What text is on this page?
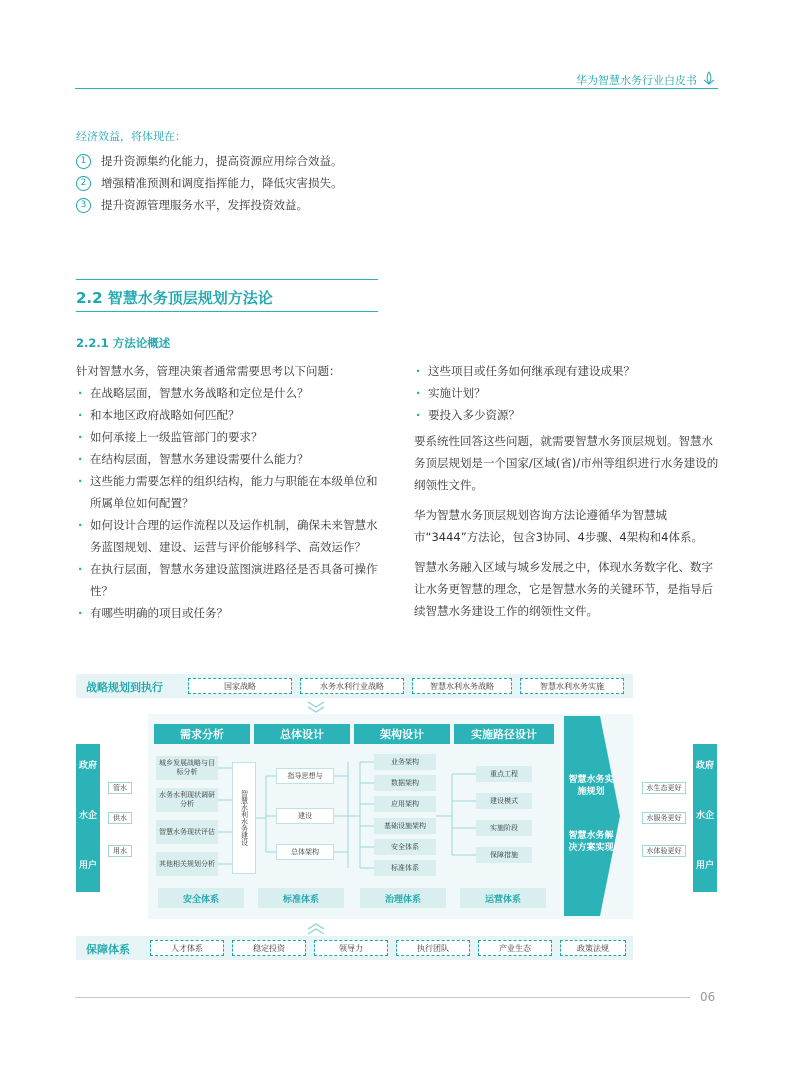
华为智慧水务行业白皮书
经济效益，将体现在：
1	提升资源集约化能力，提高资源应用综合效益。
2	增强精准预测和调度指挥能力，降低灾害损失。
3	提升资源管理服务水平，发挥投资效益。
2.2 智慧水务顶层规划方法论
2.2.1 方法论概述

针对智慧水务，管理决策者通常需要思考以下问题：

· 在战略层面，智慧水务战略和定位是什么？
· 和本地区政府战略如何匹配？
· 如何承接上一级监管部门的要求？
· 在结构层面，智慧水务建设需要什么能力？
· 这些能力需要怎样的组织结构，能力与职能在本级单位和所属单位如何配置？
· 如何设计合理的运作流程以及运作机制，确保未来智慧水务蓝图规划、建设、运营与评价能够科学、高效运作？
· 在执行层面，智慧水务建设蓝图演进路径是否具备可操作性？
· 有哪些明确的项目或任务？
· 这些项目或任务如何继承现有建设成果？
· 实施计划？
· 要投入多少资源？

要系统性回答这些问题，就需要智慧水务顶层规划。智慧水务顶层规划是一个国家/区域(省)/市州等组织进行水务建设的纲领性文件。

华为智慧水务顶层规划咨询方法论遵循华为智慧城市“3444”方法论，包含3协同、4步骤、4架构和4体系。

智慧水务融入区域与城乡发展之中，体现水务数字化、数字让水务更智慧的理念，它是智慧水务的关键环节，是指导后续智慧水务建设工作的纲领性文件。

战略规划到执行	国家战略	水务水利行业战略	智慧水利水务战略	智慧水利水务实施
政府
水企
用户
管水
供水
用水
需求分析	总体设计	架构设计	实施路径设计
城乡发展战略与目标分析
水务水利现状调研分析
智慧水务现状评估
其他相关规划分析
智慧水利水务建设
指导思想与
建设
总体架构
业务架构
数据架构
应用架构
基础设施架构
安全体系
标准体系
重点工程
建设模式
实施阶段
保障措施
安全体系	标准体系	治理体系	运营体系
智慧水务实施规划
智慧水务解决方案实现
水生态更好
水服务更好
水体验更好
政府
水企
用户
保障体系	人才体系	稳定投资	领导力	执行团队	产业生态	政策法规
06
